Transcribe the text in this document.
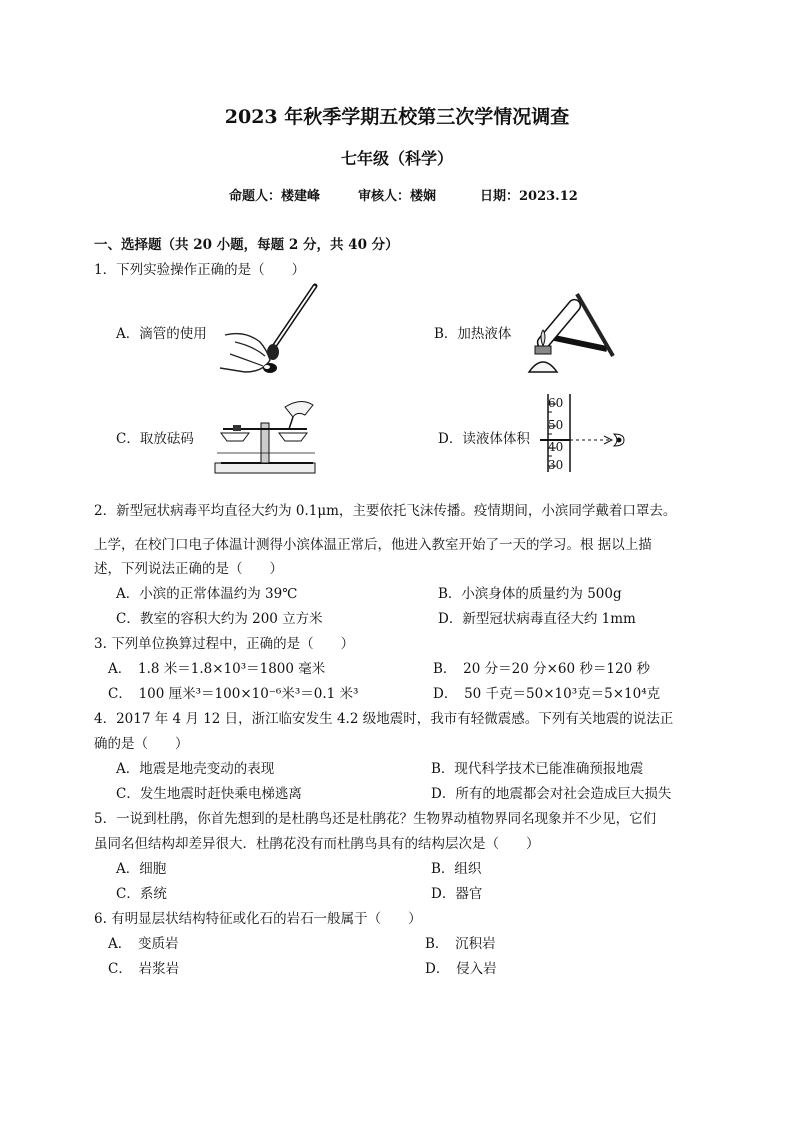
2023 年秋季学期五校第三次学情况调查
七年级（科学）
命题人：楼建峰	审核人：楼娴	日期：2023.12
一、选择题（共 20 小题，每题 2 分，共 40 分）
1．下列实验操作正确的是（　　）
A．滴管的使用	B．加热液体
C．取放砝码	D．读液体体积
60
50
40
30
2．新型冠状病毒平均直径大约为 0.1μm，主要依托飞沫传播。疫情期间，小滨同学戴着口罩去。
上学，在校门口电子体温计测得小滨体温正常后，他进入教室开始了一天的学习。根 据以上描
述，下列说法正确的是（　　）
A．小滨的正常体温约为 39℃	B．小滨身体的质量约为 500g
C．教室的容积大约为 200 立方米	D．新型冠状病毒直径大约 1mm
3. 下列单位换算过程中，正确的是（　　）
A．　1.8 米＝1.8×10³＝1800 毫米	B．　20 分＝20 分×60 秒＝120 秒
C．　100 厘米³＝100×10⁻⁶米³＝0.1 米³	D．　50 千克＝50×10³克＝5×10⁴克
4．2017 年 4 月 12 日，浙江临安发生 4.2 级地震时，我市有轻微震感。下列有关地震的说法正
确的是（　　）
A．地震是地壳变动的表现	B．现代科学技术已能准确预报地震
C．发生地震时赶快乘电梯逃离	D．所有的地震都会对社会造成巨大损失
5．一说到杜鹃，你首先想到的是杜鹃鸟还是杜鹃花？生物界动植物界同名现象并不少见，它们
虽同名但结构却差异很大．杜鹃花没有而杜鹃鸟具有的结构层次是（　　）
A．细胞	B．组织
C．系统	D．器官
6. 有明显层状结构特征或化石的岩石一般属于（　　）
A．　变质岩	B．　沉积岩
C．　岩浆岩	D．　侵入岩
